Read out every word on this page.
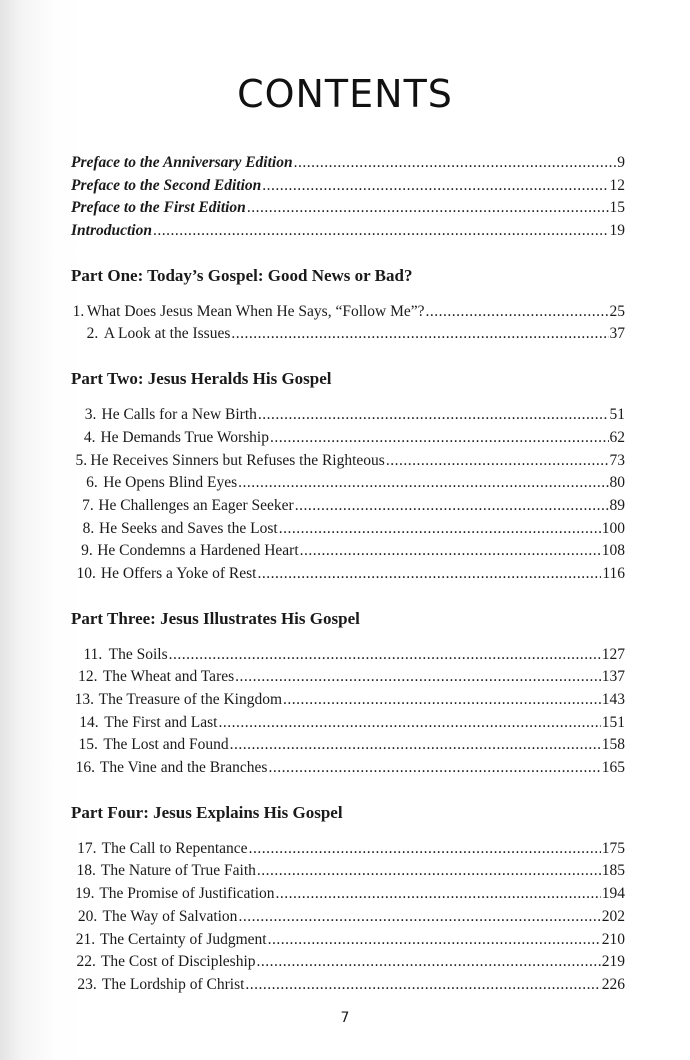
CONTENTS
Preface to the Anniversary Edition .....	9
Preface to the Second Edition .....	12
Preface to the First Edition .....	15
Introduction .....	19
Part One: Today’s Gospel: Good News or Bad?
1. What Does Jesus Mean When He Says, “Follow Me”? .....	25
2. A Look at the Issues .....	37
Part Two: Jesus Heralds His Gospel
3. He Calls for a New Birth .....	51
4. He Demands True Worship .....	62
5. He Receives Sinners but Refuses the Righteous .....	73
6. He Opens Blind Eyes .....	80
7. He Challenges an Eager Seeker .....	89
8. He Seeks and Saves the Lost .....	100
9. He Condemns a Hardened Heart .....	108
10. He Offers a Yoke of Rest .....	116
Part Three: Jesus Illustrates His Gospel
11. The Soils .....	127
12. The Wheat and Tares .....	137
13. The Treasure of the Kingdom .....	143
14. The First and Last .....	151
15. The Lost and Found .....	158
16. The Vine and the Branches .....	165
Part Four: Jesus Explains His Gospel
17. The Call to Repentance .....	175
18. The Nature of True Faith .....	185
19. The Promise of Justification .....	194
20. The Way of Salvation .....	202
21. The Certainty of Judgment .....	210
22. The Cost of Discipleship .....	219
23. The Lordship of Christ .....	226
7
